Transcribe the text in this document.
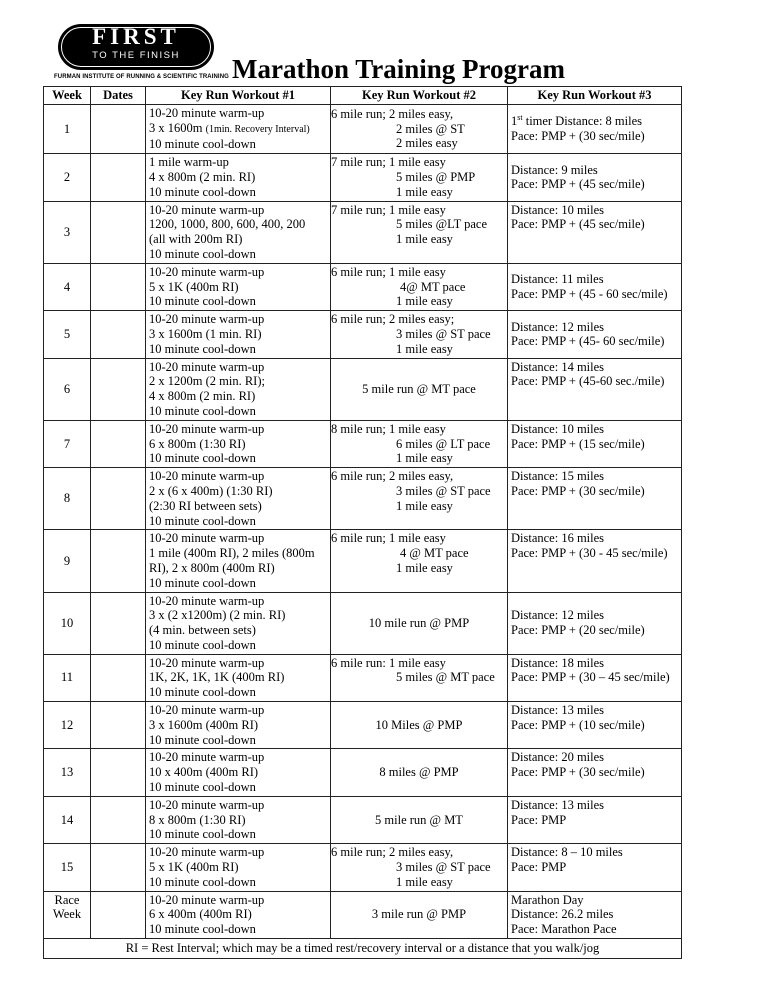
FIRST
TO THE FINISH
FURMAN INSTITUTE OF RUNNING & SCIENTIFIC TRAINING Marathon Training Program
Week	Dates	Key Run Workout #1	Key Run Workout #2	Key Run Workout #3
1		10-20 minute warm-up
3 x 1600m (1min. Recovery Interval)
10 minute cool-down	6 mile run; 2 miles easy,
2 miles @ ST
2 miles easy	1st timer Distance: 8 miles
Pace: PMP + (30 sec/mile)

2		1 mile warm-up
4 x 800m (2 min. RI)
10 minute cool-down	7 mile run; 1 mile easy
5 miles @ PMP
1 mile easy	Distance: 9 miles
Pace: PMP + (45 sec/mile)

3		10-20 minute warm-up
1200, 1000, 800, 600, 400, 200
(all with 200m RI)
10 minute cool-down	7 mile run; 1 mile easy
5 miles @LT pace
1 mile easy	Distance: 10 miles
Pace: PMP + (45 sec/mile)

4		10-20 minute warm-up
5 x 1K (400m RI)
10 minute cool-down	6 mile run; 1 mile easy
4@ MT pace
1 mile easy	Distance: 11 miles
Pace: PMP + (45 - 60 sec/mile)

5		10-20 minute warm-up
3 x 1600m (1 min. RI)
10 minute cool-down	6 mile run; 2 miles easy;
3 miles @ ST pace
1 mile easy	Distance: 12 miles
Pace: PMP + (45- 60 sec/mile)

6		10-20 minute warm-up
2 x 1200m (2 min. RI);
4 x 800m (2 min. RI)
10 minute cool-down	5 mile run @ MT pace	Distance: 14 miles
Pace: PMP + (45-60 sec./mile)

7		10-20 minute warm-up
6 x 800m (1:30 RI)
10 minute cool-down	8 mile run; 1 mile easy
6 miles @ LT pace
1 mile easy	Distance: 10 miles
Pace: PMP + (15 sec/mile)

8		10-20 minute warm-up
2 x (6 x 400m) (1:30 RI)
(2:30 RI between sets)
10 minute cool-down	6 mile run; 2 miles easy,
3 miles @ ST pace
1 mile easy	Distance: 15 miles
Pace: PMP + (30 sec/mile)

9		10-20 minute warm-up
1 mile (400m RI), 2 miles (800m
RI), 2 x 800m (400m RI)
10 minute cool-down	6 mile run; 1 mile easy
4 @ MT pace
1 mile easy	Distance: 16 miles
Pace: PMP + (30 - 45 sec/mile)

10		10-20 minute warm-up
3 x (2 x1200m) (2 min. RI)
(4 min. between sets)
10 minute cool-down	10 mile run @ PMP	Distance: 12 miles
Pace: PMP + (20 sec/mile)

11		10-20 minute warm-up
1K, 2K, 1K, 1K (400m RI)
10 minute cool-down	6 mile run: 1 mile easy
5 miles @ MT pace	Distance: 18 miles
Pace: PMP + (30 – 45 sec/mile)

12		10-20 minute warm-up
3 x 1600m (400m RI)
10 minute cool-down	10 Miles @ PMP	Distance: 13 miles
Pace: PMP + (10 sec/mile)

13		10-20 minute warm-up
10 x 400m (400m RI)
10 minute cool-down	8 miles @ PMP	Distance: 20 miles
Pace: PMP + (30 sec/mile)

14		10-20 minute warm-up
8 x 800m (1:30 RI)
10 minute cool-down	5 mile run @ MT	Distance: 13 miles
Pace: PMP

15		10-20 minute warm-up
5 x 1K (400m RI)
10 minute cool-down	6 mile run; 2 miles easy,
3 miles @ ST pace
1 mile easy	Distance: 8 – 10 miles
Pace: PMP

Race
Week		10-20 minute warm-up
6 x 400m (400m RI)
10 minute cool-down	3 mile run @ PMP	Marathon Day
Distance: 26.2 miles
Pace: Marathon Pace

RI = Rest Interval; which may be a timed rest/recovery interval or a distance that you walk/jog				
